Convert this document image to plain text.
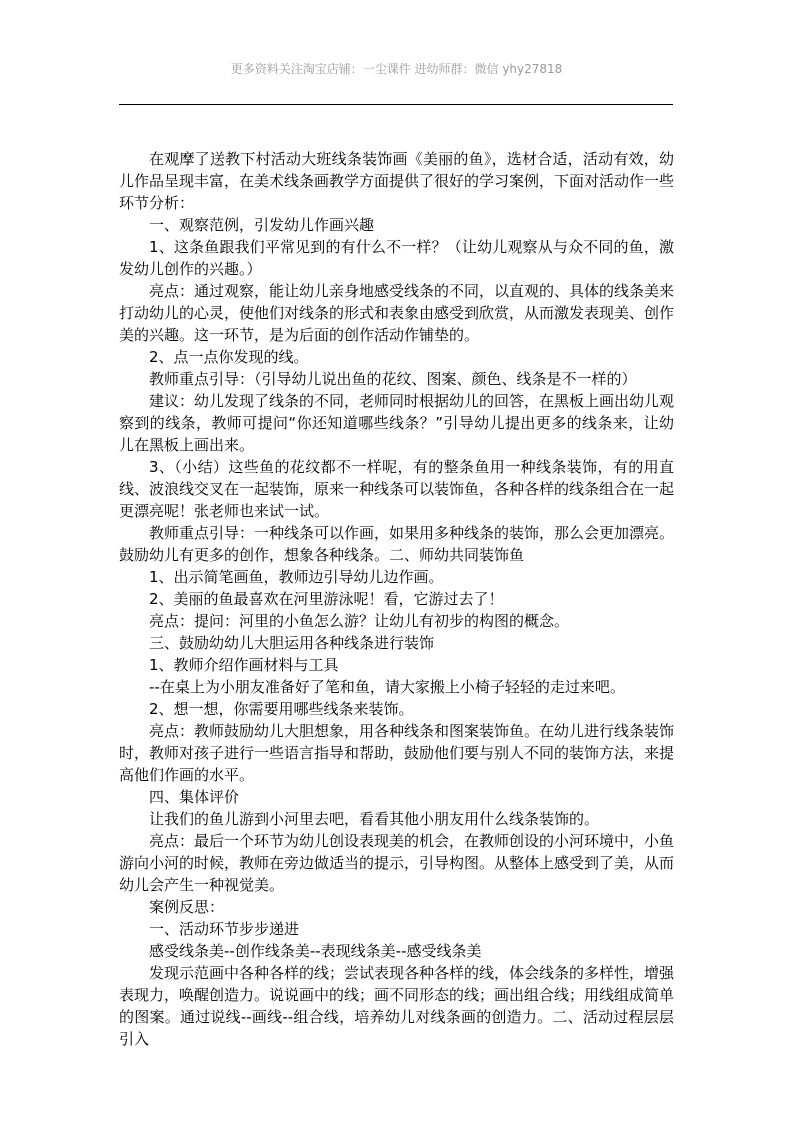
更多资料关注淘宝店铺：一尘课件 进幼师群：微信 yhy27818

在观摩了送教下村活动大班线条装饰画《美丽的鱼》，选材合适，活动有效，幼儿作品呈现丰富，在美术线条画教学方面提供了很好的学习案例，下面对活动作一些环节分析：

一、观察范例，引发幼儿作画兴趣

1、这条鱼跟我们平常见到的有什么不一样？（让幼儿观察从与众不同的鱼，激发幼儿创作的兴趣。）

亮点：通过观察，能让幼儿亲身地感受线条的不同，以直观的、具体的线条美来打动幼儿的心灵，使他们对线条的形式和表象由感受到欣赏，从而激发表现美、创作美的兴趣。这一环节，是为后面的创作活动作铺垫的。

2、点一点你发现的线。

教师重点引导：（引导幼儿说出鱼的花纹、图案、颜色、线条是不一样的）

建议：幼儿发现了线条的不同，老师同时根据幼儿的回答，在黑板上画出幼儿观察到的线条，教师可提问“你还知道哪些线条？”引导幼儿提出更多的线条来，让幼儿在黑板上画出来。

3、（小结）这些鱼的花纹都不一样呢，有的整条鱼用一种线条装饰，有的用直线、波浪线交叉在一起装饰，原来一种线条可以装饰鱼，各种各样的线条组合在一起更漂亮呢！张老师也来试一试。

教师重点引导：一种线条可以作画，如果用多种线条的装饰，那么会更加漂亮。鼓励幼儿有更多的创作，想象各种线条。二、师幼共同装饰鱼

1、出示简笔画鱼，教师边引导幼儿边作画。

2、美丽的鱼最喜欢在河里游泳呢！看，它游过去了！

亮点：提问：河里的小鱼怎么游？让幼儿有初步的构图的概念。

三、鼓励幼幼儿大胆运用各种线条进行装饰

1、教师介绍作画材料与工具

--在桌上为小朋友准备好了笔和鱼，请大家搬上小椅子轻轻的走过来吧。

2、想一想，你需要用哪些线条来装饰。

亮点：教师鼓励幼儿大胆想象，用各种线条和图案装饰鱼。在幼儿进行线条装饰时，教师对孩子进行一些语言指导和帮助，鼓励他们要与别人不同的装饰方法，来提高他们作画的水平。

四、集体评价

让我们的鱼儿游到小河里去吧，看看其他小朋友用什么线条装饰的。

亮点：最后一个环节为幼儿创设表现美的机会，在教师创设的小河环境中，小鱼游向小河的时候，教师在旁边做适当的提示，引导构图。从整体上感受到了美，从而幼儿会产生一种视觉美。

案例反思：

一、活动环节步步递进

感受线条美--创作线条美--表现线条美--感受线条美

发现示范画中各种各样的线；尝试表现各种各样的线，体会线条的多样性，增强表现力，唤醒创造力。说说画中的线；画不同形态的线；画出组合线；用线组成简单的图案。通过说线--画线--组合线，培养幼儿对线条画的创造力。二、活动过程层层引入
